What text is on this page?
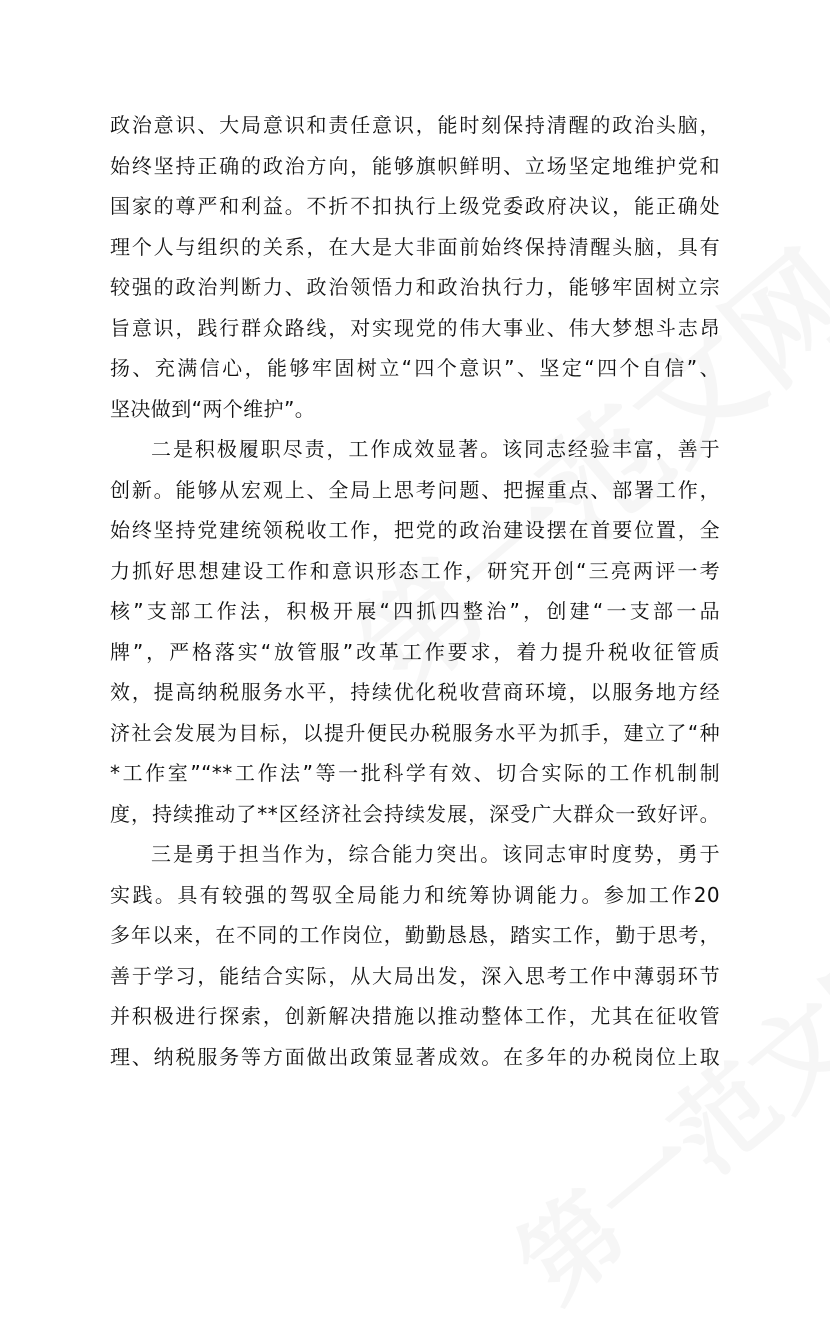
政治意识、大局意识和责任意识，能时刻保持清醒的政治头脑，
始终坚持正确的政治方向，能够旗帜鲜明、立场坚定地维护党和
国家的尊严和利益。不折不扣执行上级党委政府决议，能正确处
理个人与组织的关系，在大是大非面前始终保持清醒头脑，具有
较强的政治判断力、政治领悟力和政治执行力，能够牢固树立宗
旨意识，践行群众路线，对实现党的伟大事业、伟大梦想斗志昂
扬、充满信心，能够牢固树立“四个意识”、坚定“四个自信”、
坚决做到“两个维护”。
二是积极履职尽责，工作成效显著。该同志经验丰富，善于
创新。能够从宏观上、全局上思考问题、把握重点、部署工作，
始终坚持党建统领税收工作，把党的政治建设摆在首要位置，全
力抓好思想建设工作和意识形态工作，研究开创“三亮两评一考
核”支部工作法，积极开展“四抓四整治”，创建“一支部一品
牌”，严格落实“放管服”改革工作要求，着力提升税收征管质
效，提高纳税服务水平，持续优化税收营商环境，以服务地方经
济社会发展为目标，以提升便民办税服务水平为抓手，建立了“种
*工作室”“**工作法”等一批科学有效、切合实际的工作机制制
度，持续推动了**区经济社会持续发展，深受广大群众一致好评。
三是勇于担当作为，综合能力突出。该同志审时度势，勇于
实践。具有较强的驾驭全局能力和统筹协调能力。参加工作20
多年以来，在不同的工作岗位，勤勤恳恳，踏实工作，勤于思考，
善于学习，能结合实际，从大局出发，深入思考工作中薄弱环节
并积极进行探索，创新解决措施以推动整体工作，尤其在征收管
理、纳税服务等方面做出政策显著成效。在多年的办税岗位上取
